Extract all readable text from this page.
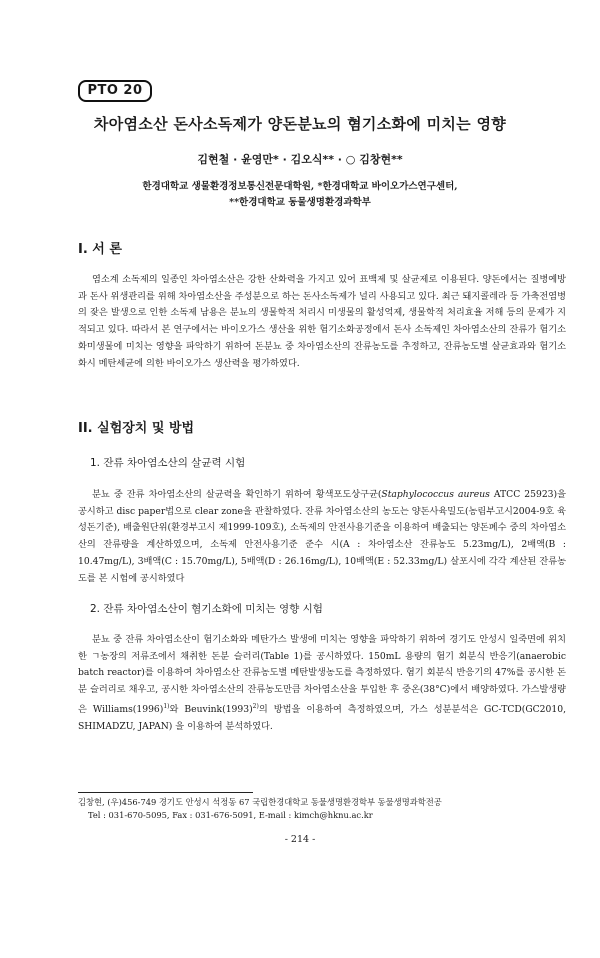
PTO 20
차아염소산 돈사소독제가 양돈분뇨의 혐기소화에 미치는 영향
김현철 · 윤영만* · 김오식** · ○ 김창현**
한경대학교 생물환경정보통신전문대학원, *한경대학교 바이오가스연구센터,
**한경대학교 동물생명환경과학부
I. 서 론

염소계 소독제의 일종인 차아염소산은 강한 산화력을 가지고 있어 표백제 및 살균제로 이용된다. 양돈에서는 질병예방과 돈사 위생관리를 위해 차아염소산을 주성분으로 하는 돈사소독제가 널리 사용되고 있다. 최근 돼지콜레라 등 가축전염병의 잦은 발생으로 인한 소독제 남용은 분뇨의 생물학적 처리시 미생물의 활성억제, 생물학적 처리효율 저해 등의 문제가 지적되고 있다. 따라서 본 연구에서는 바이오가스 생산을 위한 혐기소화공정에서 돈사 소독제인 차아염소산의 잔류가 혐기소화미생물에 미치는 영향을 파악하기 위하여 돈분뇨 중 차아염소산의 잔류농도를 추정하고, 잔류농도별 살균효과와 혐기소화시 메탄세균에 의한 바이오가스 생산력을 평가하였다.

II. 실험장치 및 방법
1. 잔류 차아염소산의 살균력 시험

분뇨 중 잔류 차아염소산의 살균력을 확인하기 위하여 황색포도상구균(Staphylococcus aureus ATCC 25923)을 공시하고 disc paper법으로 clear zone을 관찰하였다. 잔류 차아염소산의 농도는 양돈사육밀도(농림부고시2004-9호 육성돈기준), 배출원단위(환경부고시 제1999-109호), 소독제의 안전사용기준을 이용하여 배출되는 양돈폐수 중의 차아염소산의 잔류량을 계산하였으며, 소독제 안전사용기준 준수 시(A : 차아염소산 잔류농도 5.23mg/L), 2배액(B : 10.47mg/L), 3배액(C : 15.70mg/L), 5배액(D : 26.16mg/L), 10배액(E : 52.33mg/L) 살포시에 각각 계산된 잔류농도를 본 시험에 공시하였다

2. 잔류 차아염소산이 혐기소화에 미치는 영향 시험

분뇨 중 잔류 차아염소산이 혐기소화와 메탄가스 발생에 미치는 영향을 파악하기 위하여 경기도 안성시 일죽면에 위치한 ㄱ농장의 저류조에서 채취한 돈분 슬러리(Table 1)를 공시하였다. 150mL 용량의 혐기 회분식 반응기(anaerobic batch reactor)를 이용하여 차아염소산 잔류농도별 메탄발생농도를 측정하였다. 혐기 회분식 반응기의 47%를 공시한 돈분 슬러리로 채우고, 공시한 차아염소산의 잔류농도만큼 차아염소산을 투입한 후 중온(38°C)에서 배양하였다. 가스발생량은 $Williams(1996)^{1)}$와 $Beuvink(1993)^{2)}$의 방법을 이용하여 측정하였으며, 가스 성분분석은 GC-TCD(GC2010, SHIMADZU, JAPAN) 을 이용하여 분석하였다.

김창현, (우)456-749 경기도 안성시 석정동 67 국립한경대학교 동물생명환경학부 동물생명과학전공
Tel : 031-670-5095, Fax : 031-676-5091, E-mail : kimch@hknu.ac.kr
- 214 -
